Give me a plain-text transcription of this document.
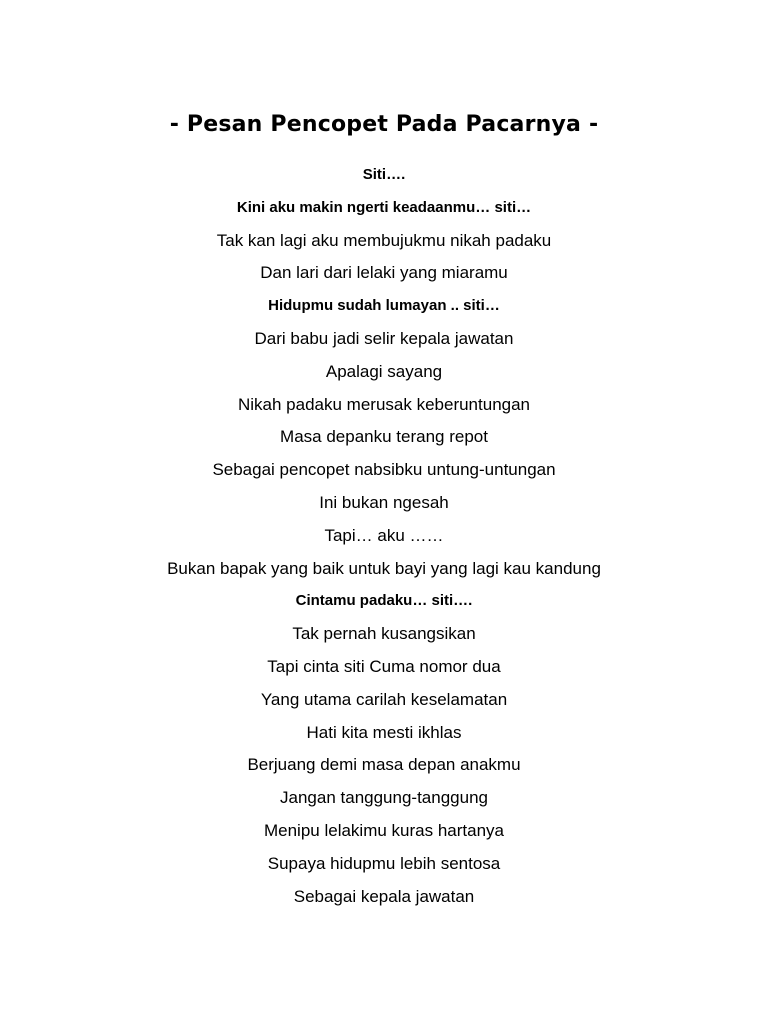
- Pesan Pencopet Pada Pacarnya -
Siti….
Kini aku makin ngerti keadaanmu… siti…
Tak kan lagi aku membujukmu nikah padaku
Dan lari dari lelaki yang miaramu
Hidupmu sudah lumayan .. siti…
Dari babu jadi selir kepala jawatan
Apalagi sayang
Nikah padaku merusak keberuntungan
Masa depanku terang repot
Sebagai pencopet nabsibku untung-untungan
Ini bukan ngesah
Tapi… aku ……
Bukan bapak yang baik untuk bayi yang lagi kau kandung
Cintamu padaku… siti….
Tak pernah kusangsikan
Tapi cinta siti Cuma nomor dua
Yang utama carilah keselamatan
Hati kita mesti ikhlas
Berjuang demi masa depan anakmu
Jangan tanggung-tanggung
Menipu lelakimu kuras hartanya
Supaya hidupmu lebih sentosa
Sebagai kepala jawatan
